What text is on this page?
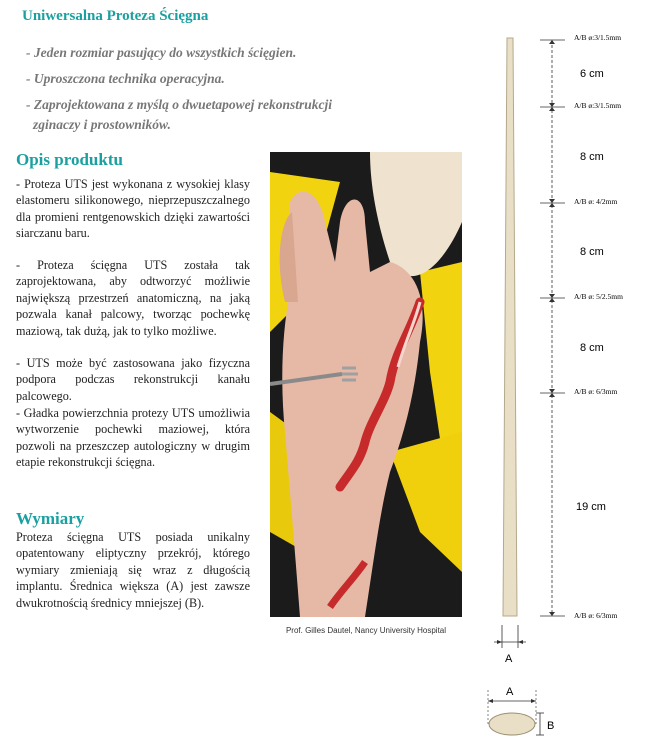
Uniwersalna Proteza Ścięgna
- Jeden rozmiar pasujący do wszystkich ścięgien.
- Uproszczona technika operacyjna.
- Zaprojektowana z myślą o dwuetapowej rekonstrukcji
zginaczy i prostowników.
Opis produktu
- Proteza UTS jest wykonana z wysokiej klasy elastomeru silikonowego, nieprzepuszczalnego dla promieni rentgenowskich dzięki zawartości siarczanu baru.
- Proteza ścięgna UTS została tak zaprojektowana, aby odtworzyć możliwie największą przestrzeń anatomiczną, na jaką pozwala kanał palcowy, tworząc pochewkę maziową, tak dużą, jak to tylko możliwe.
- UTS może być zastosowana jako fizyczna podpora podczas rekonstrukcji kanału palcowego.
- Gładka powierzchnia protezy UTS umożliwia wytworzenie pochewki maziowej, która pozwoli na przeszczep autologiczny w drugim etapie rekonstrukcji ścięgna.
Wymiary
Proteza ścięgna UTS posiada unikalny opatentowany eliptyczny przekrój, którego wymiary zmieniają się wraz z długością implantu. Średnica większa (A) jest zawsze dwukrotnością średnicy mniejszej (B).
Prof. Gilles Dautel, Nancy University Hospital
6 cm
8 cm
8 cm
8 cm
19 cm
A/B ø:3/1.5mm
A/B ø:3/1.5mm
A/B ø: 4/2mm
A/B ø: 5/2.5mm
A/B ø: 6/3mm
A/B ø: 6/3mm
A
A
B
